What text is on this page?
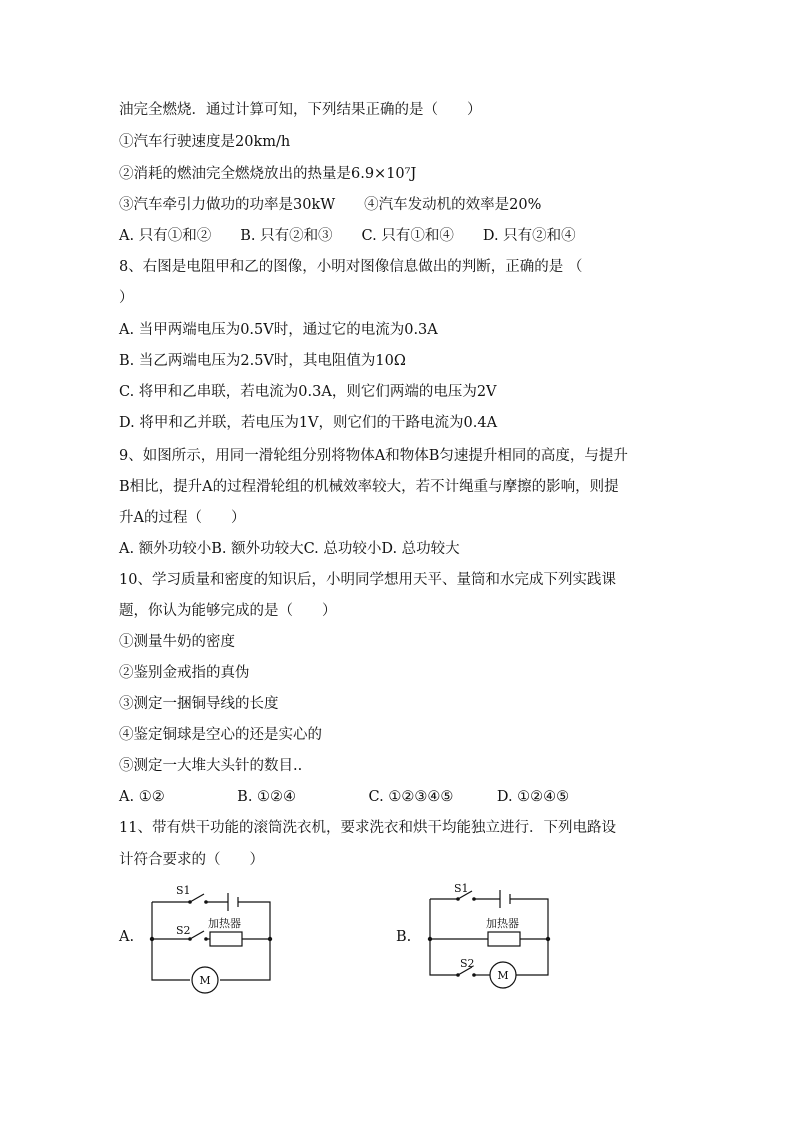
油完全燃烧．通过计算可知，下列结果正确的是（　　）
①汽车行驶速度是20km/h
②消耗的燃油完全燃烧放出的热量是6.9×10⁷J
③汽车牵引力做功的功率是30kW　　④汽车发动机的效率是20%
A. 只有①和②　　B. 只有②和③　　C. 只有①和④　　D. 只有②和④
8、右图是电阻甲和乙的图像，小明对图像信息做出的判断，正确的是 （
）
A. 当甲两端电压为0.5V时，通过它的电流为0.3A
B. 当乙两端电压为2.5V时，其电阻值为10Ω
C. 将甲和乙串联，若电流为0.3A，则它们两端的电压为2V
D. 将甲和乙并联，若电压为1V，则它们的干路电流为0.4A
9、如图所示，用同一滑轮组分别将物体A和物体B匀速提升相同的高度，与提升
B相比，提升A的过程滑轮组的机械效率较大，若不计绳重与摩擦的影响，则提
升A的过程（　　）
A. 额外功较小B. 额外功较大C. 总功较小D. 总功较大
10、学习质量和密度的知识后，小明同学想用天平、量筒和水完成下列实践课
题，你认为能够完成的是（　　）
①测量牛奶的密度
②鉴别金戒指的真伪
③测定一捆铜导线的长度
④鉴定铜球是空心的还是实心的
⑤测定一大堆大头针的数目..
A. ①②　　　　　B. ①②④　　　　　C. ①②③④⑤　　　D. ①②④⑤
11、带有烘干功能的滚筒洗衣机，要求洗衣和烘干均能独立进行．下列电路设
计符合要求的（　　）
A.
S1
S2
加热器
M
B.
S1
S2
加热器
M
